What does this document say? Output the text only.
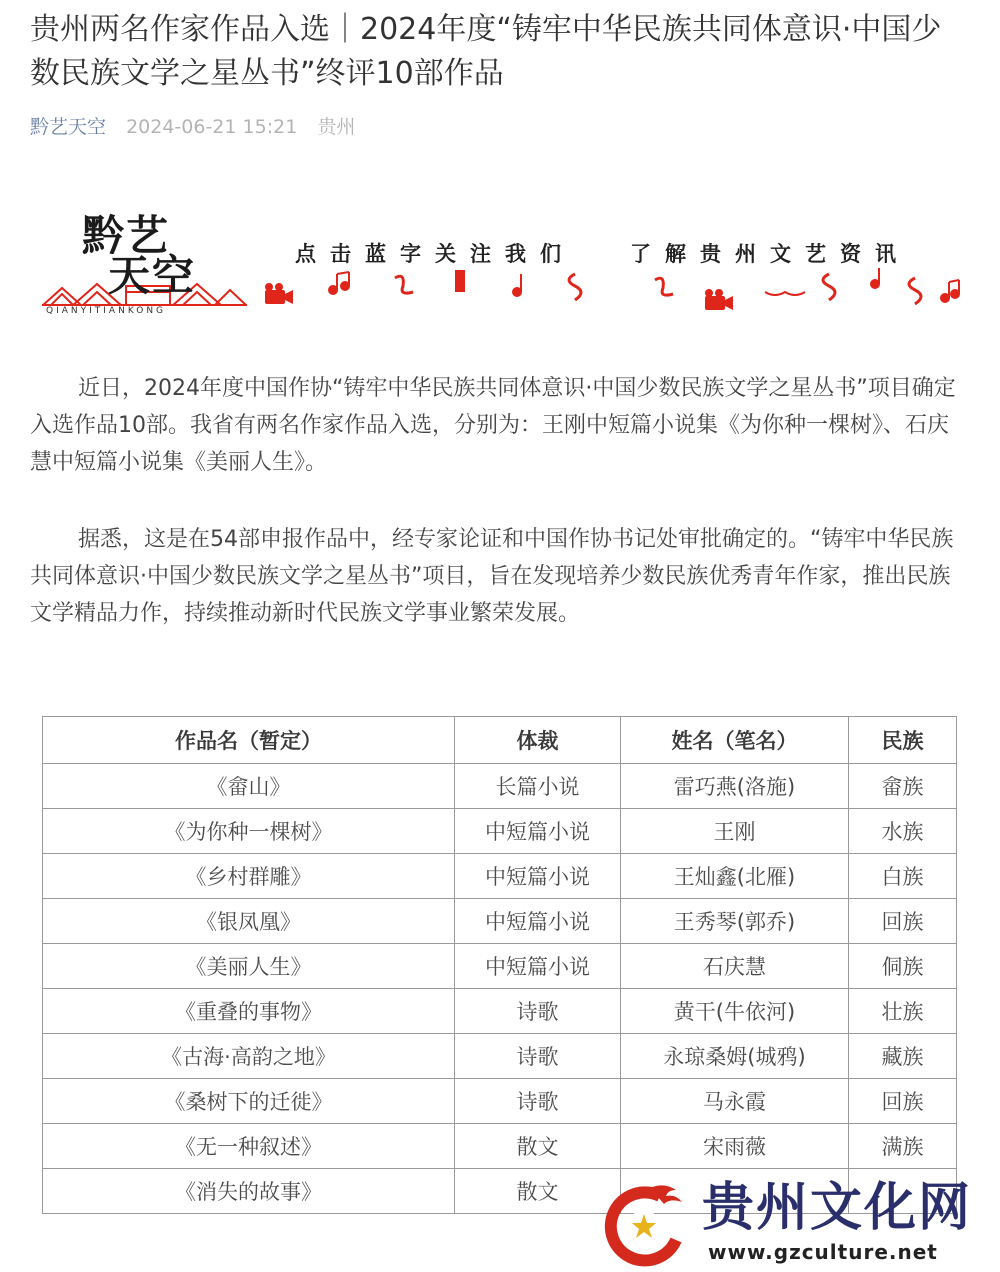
贵州两名作家作品入选｜2024年度“铸牢中华民族共同体意识·中国少数民族文学之星丛书”终评10部作品
黔艺天空 2024-06-21 15:21 贵州
黔艺
天空
QIANYITIANKONG
点击蓝字关注我们	了解贵州文艺资讯

近日，2024年度中国作协“铸牢中华民族共同体意识·中国少数民族文学之星丛书”项目确定入选作品10部。我省有两名作家作品入选，分别为：王刚中短篇小说集《为你种一棵树》、石庆慧中短篇小说集《美丽人生》。

据悉，这是在54部申报作品中，经专家论证和中国作协书记处审批确定的。“铸牢中华民族共同体意识·中国少数民族文学之星丛书”项目，旨在发现培养少数民族优秀青年作家，推出民族文学精品力作，持续推动新时代民族文学事业繁荣发展。

作品名（暂定）	体裁	姓名（笔名）	民族
《畲山》	长篇小说	雷巧燕(洛施)	畲族
《为你种一棵树》	中短篇小说	王刚	水族
《乡村群雕》	中短篇小说	王灿鑫(北雁)	白族
《银凤凰》	中短篇小说	王秀琴(郭乔)	回族
《美丽人生》	中短篇小说	石庆慧	侗族
《重叠的事物》	诗歌	黄干(牛依河)	壮族
《古海·高韵之地》	诗歌	永琼桑姆(城鸦)	藏族
《桑树下的迁徙》	诗歌	马永霞	回族
《无一种叙述》	散文	宋雨薇	满族
《消失的故事》	散文			贵州文化网
www.gzculture.net
